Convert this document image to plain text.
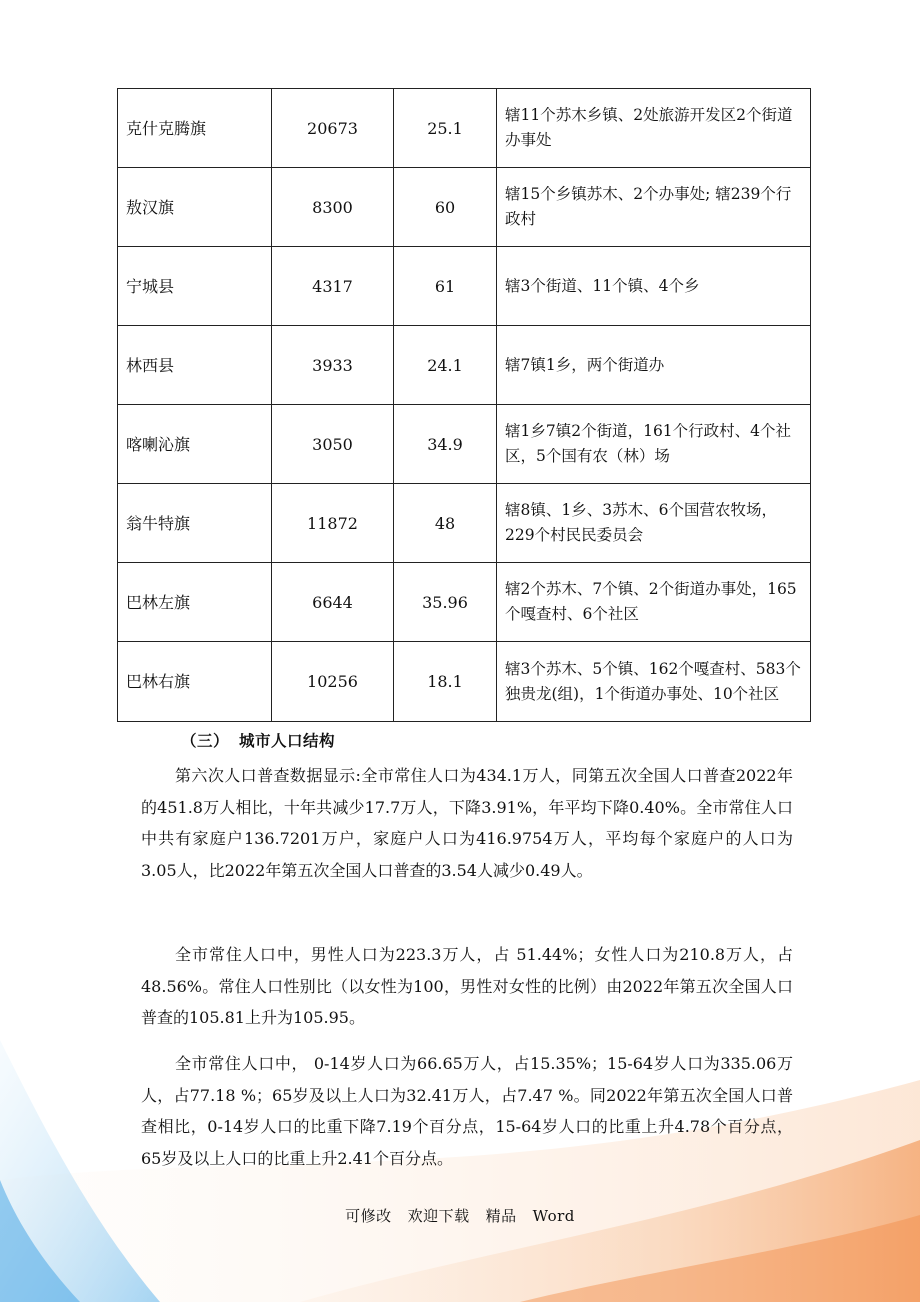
克什克腾旗	20673	25.1	辖11个苏木乡镇、2处旅游开发区2个街道办事处
敖汉旗	8300	60	辖15个乡镇苏木、2个办事处; 辖239个行政村
宁城县	4317	61	辖3个街道、11个镇、4个乡
林西县	3933	24.1	辖7镇1乡，两个街道办
喀喇沁旗	3050	34.9	辖1乡7镇2个街道，161个行政村、4个社区，5个国有农（林）场
翁牛特旗	11872	48	辖8镇、1乡、3苏木、6个国营农牧场，229个村民民委员会
巴林左旗	6644	35.96	辖2个苏木、7个镇、2个街道办事处，165个嘎查村、6个社区
巴林右旗	10256	18.1	辖3个苏木、5个镇、162个嘎查村、583个独贵龙(组)，1个街道办事处、10个社区
（三） 城市人口结构
第六次人口普查数据显示:全市常住人口为434.1万人，同第五次全国人口普查2022年的451.8万人相比，十年共减少17.7万人，下降3.91%，年平均下降0.40%。全市常住人口中共有家庭户136.7201万户，家庭户人口为416.9754万人，平均每个家庭户的人口为3.05人，比2022年第五次全国人口普查的3.54人减少0.49人。
全市常住人口中，男性人口为223.3万人，占 51.44%；女性人口为210.8万人，占48.56%。常住人口性别比（以女性为100，男性对女性的比例）由2022年第五次全国人口普查的105.81上升为105.95。
全市常住人口中， 0-14岁人口为66.65万人，占15.35%；15-64岁人口为335.06万人，占77.18 %；65岁及以上人口为32.41万人，占7.47 %。同2022年第五次全国人口普查相比，0-14岁人口的比重下降7.19个百分点，15-64岁人口的比重上升4.78个百分点，65岁及以上人口的比重上升2.41个百分点。
可修改 欢迎下载 精品 Word
